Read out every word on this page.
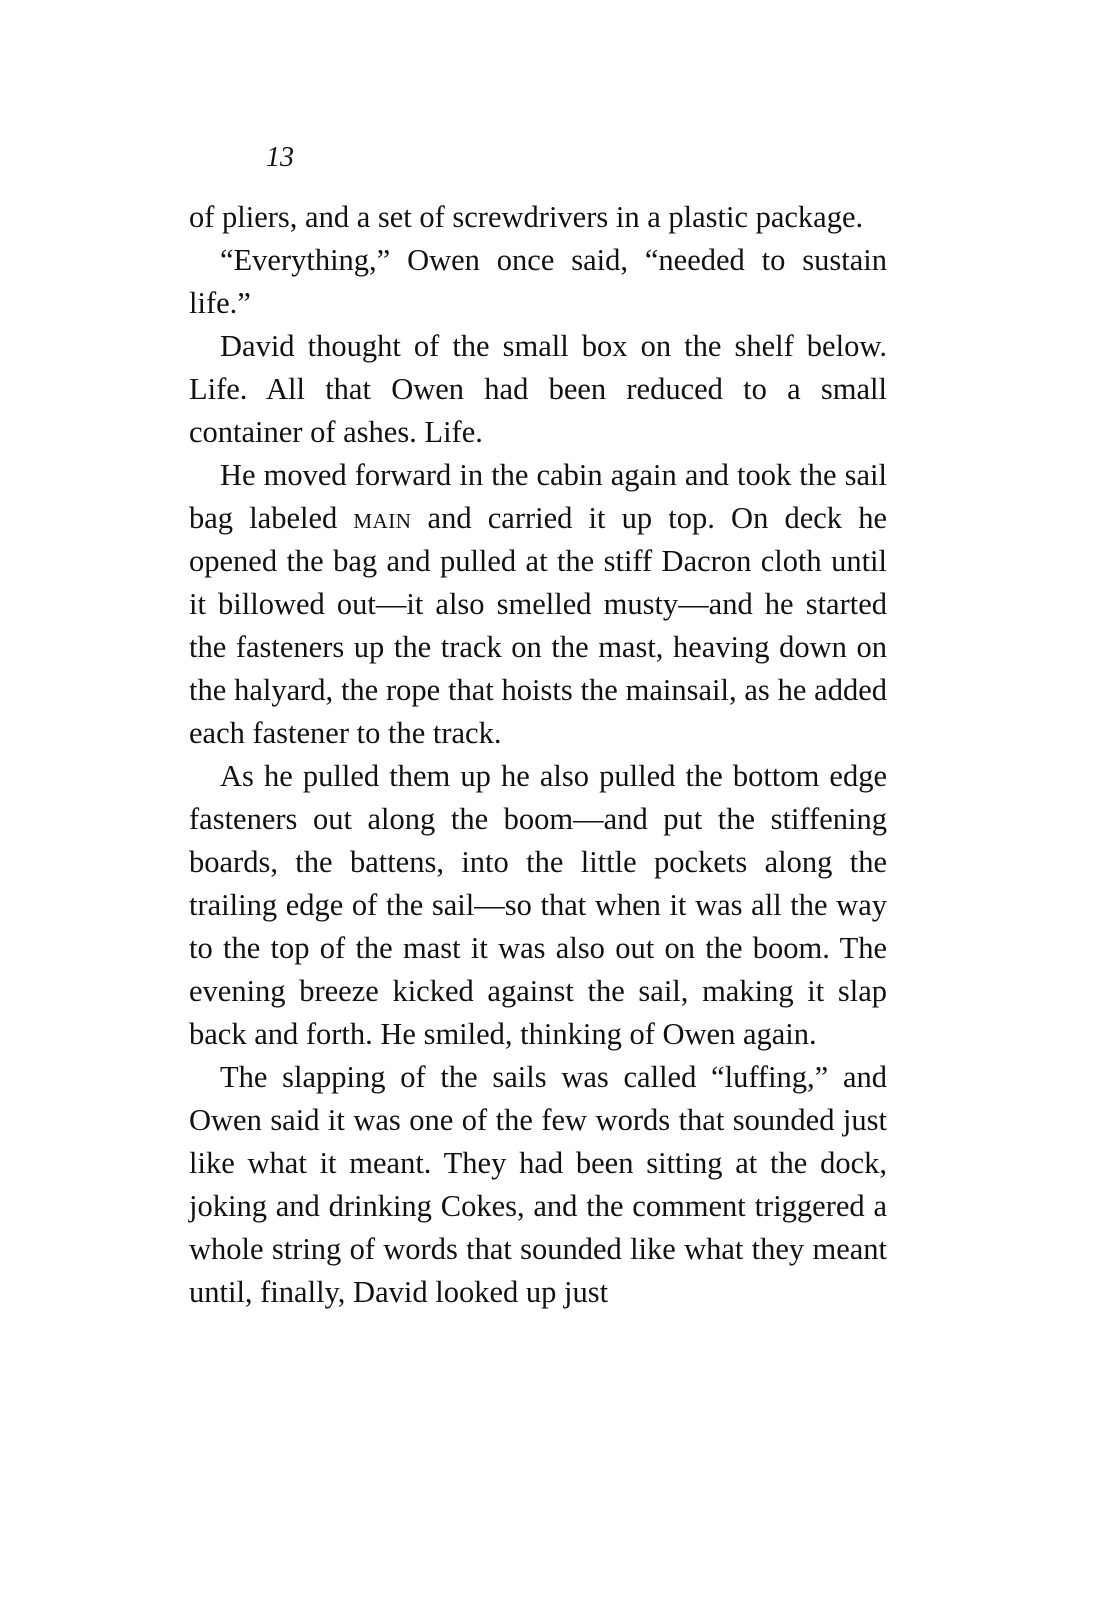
13

of pliers, and a set of screwdrivers in a plastic package.

“Everything,” Owen once said, “needed to sustain life.”

David thought of the small box on the shelf below. Life. All that Owen had been reduced to a small container of ashes. Life.

He moved forward in the cabin again and took the sail bag labeled main and carried it up top. On deck he opened the bag and pulled at the stiff Dacron cloth until it billowed out—it also smelled musty—and he started the fasteners up the track on the mast, heaving down on the halyard, the rope that hoists the mainsail, as he added each fastener to the track.

As he pulled them up he also pulled the bottom edge fasteners out along the boom—and put the stiffening boards, the battens, into the little pockets along the trailing edge of the sail—so that when it was all the way to the top of the mast it was also out on the boom. The evening breeze kicked against the sail, making it slap back and forth. He smiled, thinking of Owen again.

The slapping of the sails was called “luffing,” and Owen said it was one of the few words that sounded just like what it meant. They had been sitting at the dock, joking and drinking Cokes, and the comment triggered a whole string of words that sounded like what they meant until, finally, David looked up just
